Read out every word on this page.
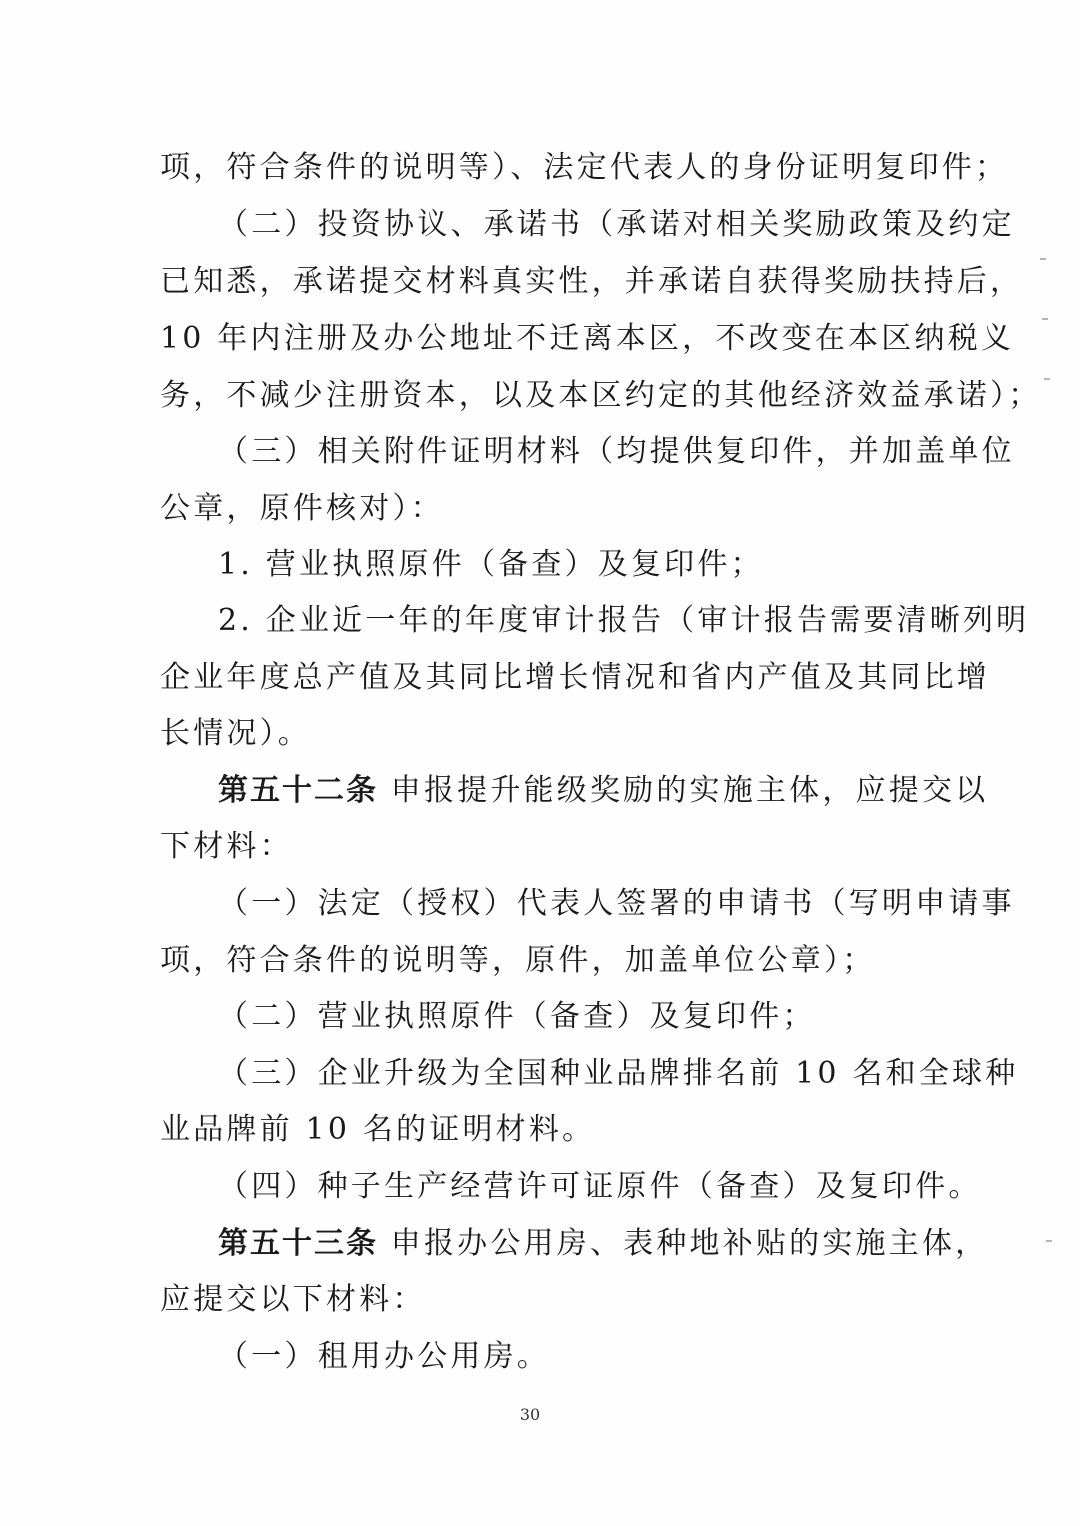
项，符合条件的说明等）、法定代表人的身份证明复印件；
（二）投资协议、承诺书（承诺对相关奖励政策及约定
已知悉，承诺提交材料真实性，并承诺自获得奖励扶持后，
10 年内注册及办公地址不迁离本区，不改变在本区纳税义
务，不减少注册资本，以及本区约定的其他经济效益承诺）；
（三）相关附件证明材料（均提供复印件，并加盖单位
公章，原件核对）：
1. 营业执照原件（备查）及复印件；
2. 企业近一年的年度审计报告（审计报告需要清晰列明
企业年度总产值及其同比增长情况和省内产值及其同比增
长情况）。
第五十二条 申报提升能级奖励的实施主体，应提交以
下材料：
（一）法定（授权）代表人签署的申请书（写明申请事
项，符合条件的说明等，原件，加盖单位公章）；
（二）营业执照原件（备查）及复印件；
（三）企业升级为全国种业品牌排名前 10 名和全球种
业品牌前 10 名的证明材料。
（四）种子生产经营许可证原件（备查）及复印件。
第五十三条 申报办公用房、表种地补贴的实施主体，
应提交以下材料：
（一）租用办公用房。
30
